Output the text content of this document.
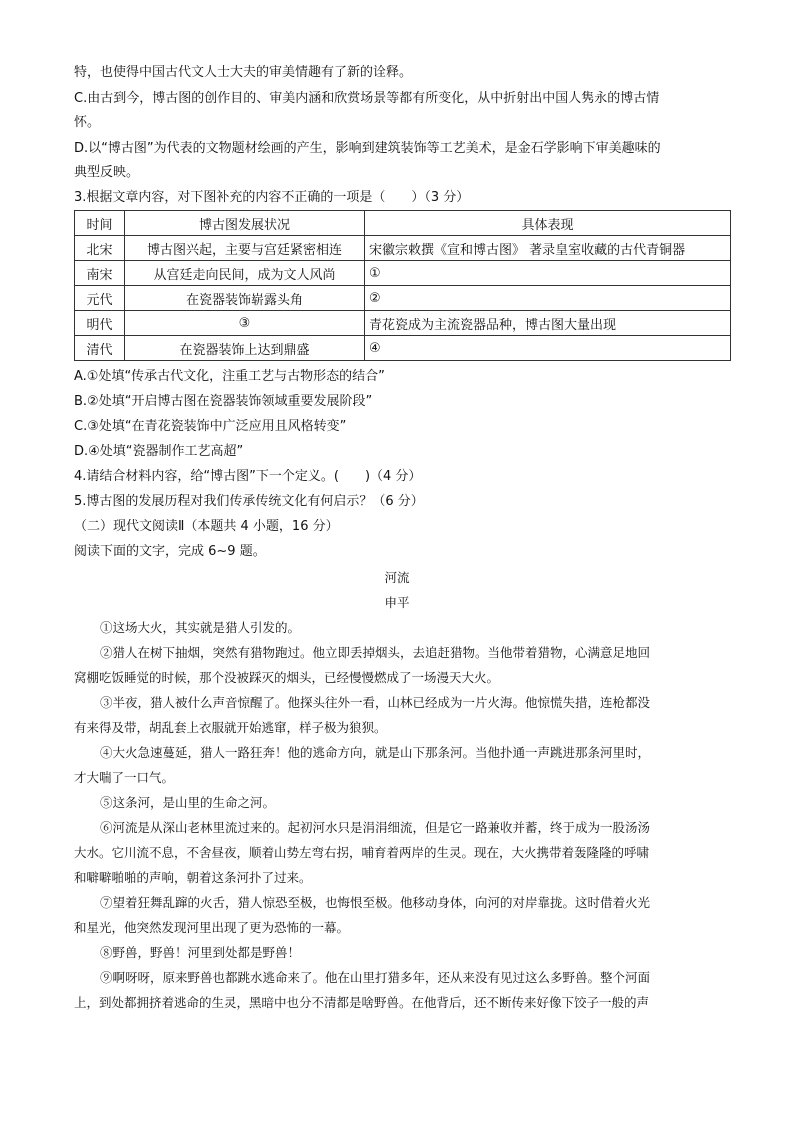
特，也使得中国古代文人士大夫的审美情趣有了新的诠释。
C.由古到今，博古图的创作目的、审美内涵和欣赏场景等都有所变化，从中折射出中国人隽永的博古情
怀。
D.以“博古图”为代表的文物题材绘画的产生，影响到建筑装饰等工艺美术，是金石学影响下审美趣味的
典型反映。
3.根据文章内容，对下图补充的内容不正确的一项是（　　）（3 分）
时间	博古图发展状况	具体表现
北宋	博古图兴起，主要与宫廷紧密相连	宋徽宗敕撰《宣和博古图》 著录皇室收藏的古代青铜器
南宋	从宫廷走向民间，成为文人风尚	①
元代	在瓷器装饰崭露头角	②
明代	③	青花瓷成为主流瓷器品种，博古图大量出现
清代	在瓷器装饰上达到鼎盛	④
A.①处填“传承古代文化，注重工艺与古物形态的结合”
B.②处填“开启博古图在瓷器装饰领域重要发展阶段”
C.③处填“在青花瓷装饰中广泛应用且风格转变”
D.④处填“瓷器制作工艺高超”
4.请结合材料内容，给“博古图”下一个定义。(　　)（4 分）
5.博古图的发展历程对我们传承传统文化有何启示？（6 分）
（二）现代文阅读Ⅱ（本题共 4 小题，16 分）
阅读下面的文字，完成 6~9 题。
河流
申平
①这场大火，其实就是猎人引发的。
②猎人在树下抽烟，突然有猎物跑过。他立即丢掉烟头，去追赶猎物。当他带着猎物，心满意足地回
窝棚吃饭睡觉的时候，那个没被踩灭的烟头，已经慢慢燃成了一场漫天大火。
③半夜，猎人被什么声音惊醒了。他探头往外一看，山林已经成为一片火海。他惊慌失措，连枪都没
有来得及带，胡乱套上衣服就开始逃窜，样子极为狼狈。
④大火急速蔓延，猎人一路狂奔！他的逃命方向，就是山下那条河。当他扑通一声跳进那条河里时，
才大喘了一口气。
⑤这条河，是山里的生命之河。
⑥河流是从深山老林里流过来的。起初河水只是涓涓细流，但是它一路兼收并蓄，终于成为一股汤汤
大水。它川流不息，不舍昼夜，顺着山势左弯右拐，哺育着两岸的生灵。现在，大火携带着轰隆隆的呼啸
和噼噼啪啪的声响，朝着这条河扑了过来。
⑦望着狂舞乱蹿的火舌，猎人惊恐至极，也悔恨至极。他移动身体，向河的对岸靠拢。这时借着火光
和星光，他突然发现河里出现了更为恐怖的一幕。
⑧野兽，野兽！河里到处都是野兽！
⑨啊呀呀，原来野兽也都跳水逃命来了。他在山里打猎多年，还从来没有见过这么多野兽。整个河面
上，到处都拥挤着逃命的生灵，黑暗中也分不清都是啥野兽。在他背后，还不断传来好像下饺子一般的声
